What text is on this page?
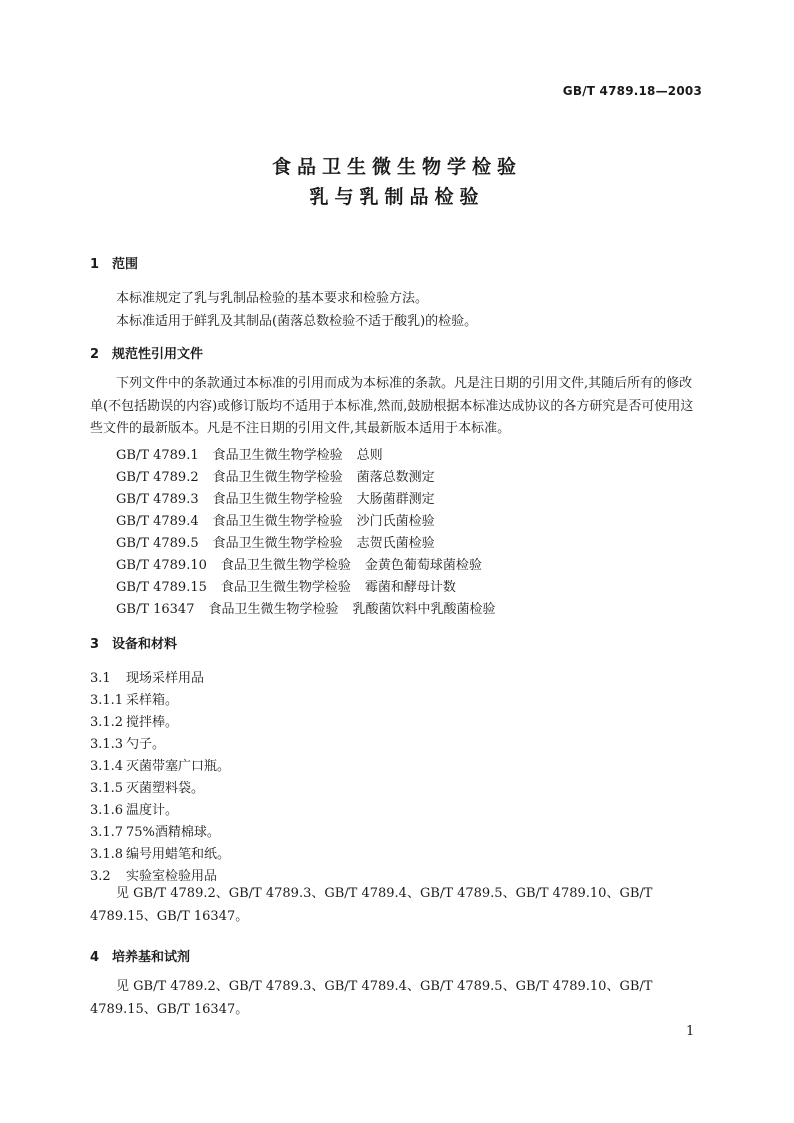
GB/T 4789.18—2003
食品卫生微生物学检验
乳与乳制品检验
1 范围
本标准规定了乳与乳制品检验的基本要求和检验方法。
本标准适用于鲜乳及其制品(菌落总数检验不适于酸乳)的检验。
2 规范性引用文件
下列文件中的条款通过本标准的引用而成为本标准的条款。凡是注日期的引用文件,其随后所有的修改单(不包括勘误的内容)或修订版均不适用于本标准,然而,鼓励根据本标准达成协议的各方研究是否可使用这些文件的最新版本。凡是不注日期的引用文件,其最新版本适用于本标准。
GB/T 4789.1 食品卫生微生物学检验 总则
GB/T 4789.2 食品卫生微生物学检验 菌落总数测定
GB/T 4789.3 食品卫生微生物学检验 大肠菌群测定
GB/T 4789.4 食品卫生微生物学检验 沙门氏菌检验
GB/T 4789.5 食品卫生微生物学检验 志贺氏菌检验
GB/T 4789.10 食品卫生微生物学检验 金黄色葡萄球菌检验
GB/T 4789.15 食品卫生微生物学检验 霉菌和酵母计数
GB/T 16347 食品卫生微生物学检验 乳酸菌饮料中乳酸菌检验
3 设备和材料
3.1 现场采样用品
3.1.1 采样箱。
3.1.2 搅拌棒。
3.1.3 勺子。
3.1.4 灭菌带塞广口瓶。
3.1.5 灭菌塑料袋。
3.1.6 温度计。
3.1.7 75%酒精棉球。
3.1.8 编号用蜡笔和纸。
3.2 实验室检验用品
见 GB/T 4789.2、GB/T 4789.3、GB/T 4789.4、GB/T 4789.5、GB/T 4789.10、GB/T 4789.15、GB/T 16347。
4 培养基和试剂
见 GB/T 4789.2、GB/T 4789.3、GB/T 4789.4、GB/T 4789.5、GB/T 4789.10、GB/T 4789.15、GB/T 16347。
1
